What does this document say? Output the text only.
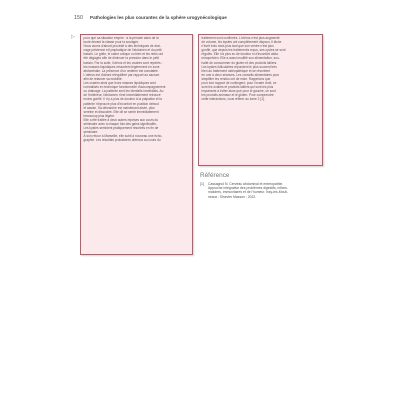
150 Pathologies les plus courantes de la sphère urogynécologique
▷	pour que sa situation empire : à la période alors de la
toute devant la classe pour la soulager.
Nous avons d'abord procédé à des techniques de drai-
nage pelvienne et lymphatique de l'abdomen et du petit
bassin. Le grêle, le cadre colique ou bien et les reins ont
été dégagés afin de diminuer la pression dans le petit
bassin. Par la suite, l'utérus et les ovaires sont repérés :
les masses liquidiques ressortent légèrement en zone
abdominale. La présence d'un œdème est constatée.
L'utérus est d'abord rééquilibré par rapport au sacrum
afin de relancer sa mobilité.
Les ovaires ainsi que leurs masses liquidiques sont
normalisés en technique fonctionnelle d'accompagnement
ou drainage. La patiente sent les bienfaits immédiats. Au
de l'extérieur, l'abdomen n'est immédiatement retrouvé
moins gonflé. Il n'y a plus de douleur à la palpation et la
patiente n'éprouve plus d'inconfort en position debout
et assise. Sa démarche est maintenant aisée, plus
sereine et dissociée. Elle dit se sentir immédiatement
beaucoup plus légère.
Elle a été traitée à deux autres reprises aux cours du
séminaire avec à chaque fois des gains significatifs.
Les kystes semblent pratiquement résorbés en fin de
séminaire.
À son retour à Marseille, elle subit à nouveau une écho-
graphie. Les résultats probatoires obtenus au cours du

traitement sont confirmés. L'utérus n'est plus augmenté
de volume, les kystes ont complètement disparu. Il lâche
n'écrit trois mois plus tard que son ventre n'est plus
gonflé, que depuis les traitements reçus, ses cycles se sont
régulés. Elle n'a plus eu de douleur ni d'inconfort abdo-
minopelvien. Elle a aussi modifié son alimentation, sou-
haité de consommer du gluten et des produits laitiers.
Les kystes folliculaires répondent le plus souvent très
bien au traitement ostéopathique et se résorbent
en une à deux séances. Les conseils alimentaires pour
simplifier les rendus ont de mise. Rappelons que
pour tout rapport de contingent, pour l'ovaire droit, ce
sont les ovaires et produits laitiers qui sont les plus
importants à éviter alors que pour le gauche, ce sont
les produits animaux et le gluten. Pour comprendre
cette interactions, vous référer au tome 2 [1].

Référence
[1] Cassagnol N. Cerveau abdominal et entéropathie.
Approche intégrative des problèmes digestifs, inflam-
matoires, immunitaires et de l'humeur. Issy-les-Mouli-
neaux : Elsevier Masson ; 2022.
